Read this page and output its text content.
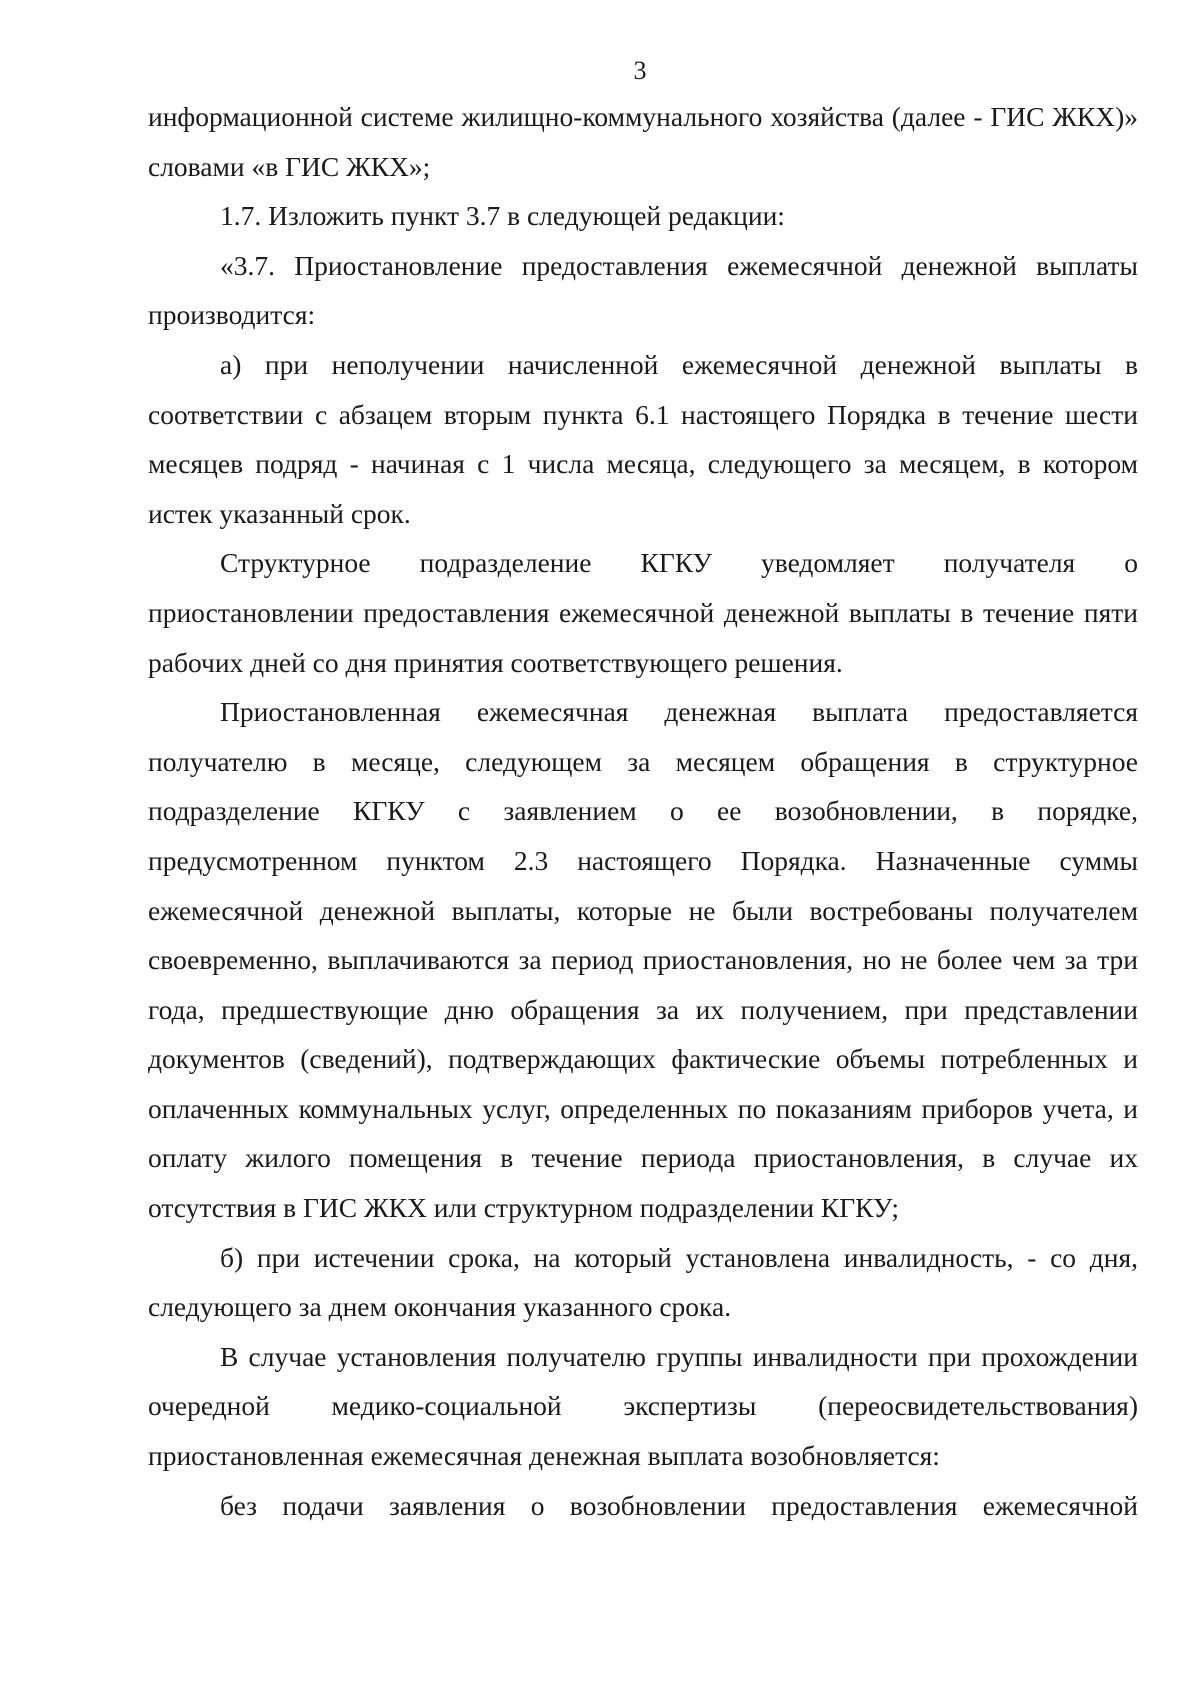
3

информационной системе жилищно-коммунального хозяйства (далее - ГИС ЖКХ)» словами «в ГИС ЖКХ»;

1.7. Изложить пункт 3.7 в следующей редакции:

«3.7. Приостановление предоставления ежемесячной денежной выплаты производится:

а) при неполучении начисленной ежемесячной денежной выплаты в соответствии с абзацем вторым пункта 6.1 настоящего Порядка в течение шести месяцев подряд - начиная с 1 числа месяца, следующего за месяцем, в котором истек указанный срок.

Структурное подразделение КГКУ уведомляет получателя о приостановлении предоставления ежемесячной денежной выплаты в течение пяти рабочих дней со дня принятия соответствующего решения.

Приостановленная ежемесячная денежная выплата предоставляется получателю в месяце, следующем за месяцем обращения в структурное подразделение КГКУ с заявлением о ее возобновлении, в порядке, предусмотренном пунктом 2.3 настоящего Порядка. Назначенные суммы ежемесячной денежной выплаты, которые не были востребованы получателем своевременно, выплачиваются за период приостановления, но не более чем за три года, предшествующие дню обращения за их получением, при представлении документов (сведений), подтверждающих фактические объемы потребленных и оплаченных коммунальных услуг, определенных по показаниям приборов учета, и оплату жилого помещения в течение периода приостановления, в случае их отсутствия в ГИС ЖКХ или структурном подразделении КГКУ;

б) при истечении срока, на который установлена инвалидность, - со дня, следующего за днем окончания указанного срока.

В случае установления получателю группы инвалидности при прохождении очередной медико-социальной экспертизы (переосвидетельствования) приостановленная ежемесячная денежная выплата возобновляется:

без подачи заявления о возобновлении предоставления ежемесячной
